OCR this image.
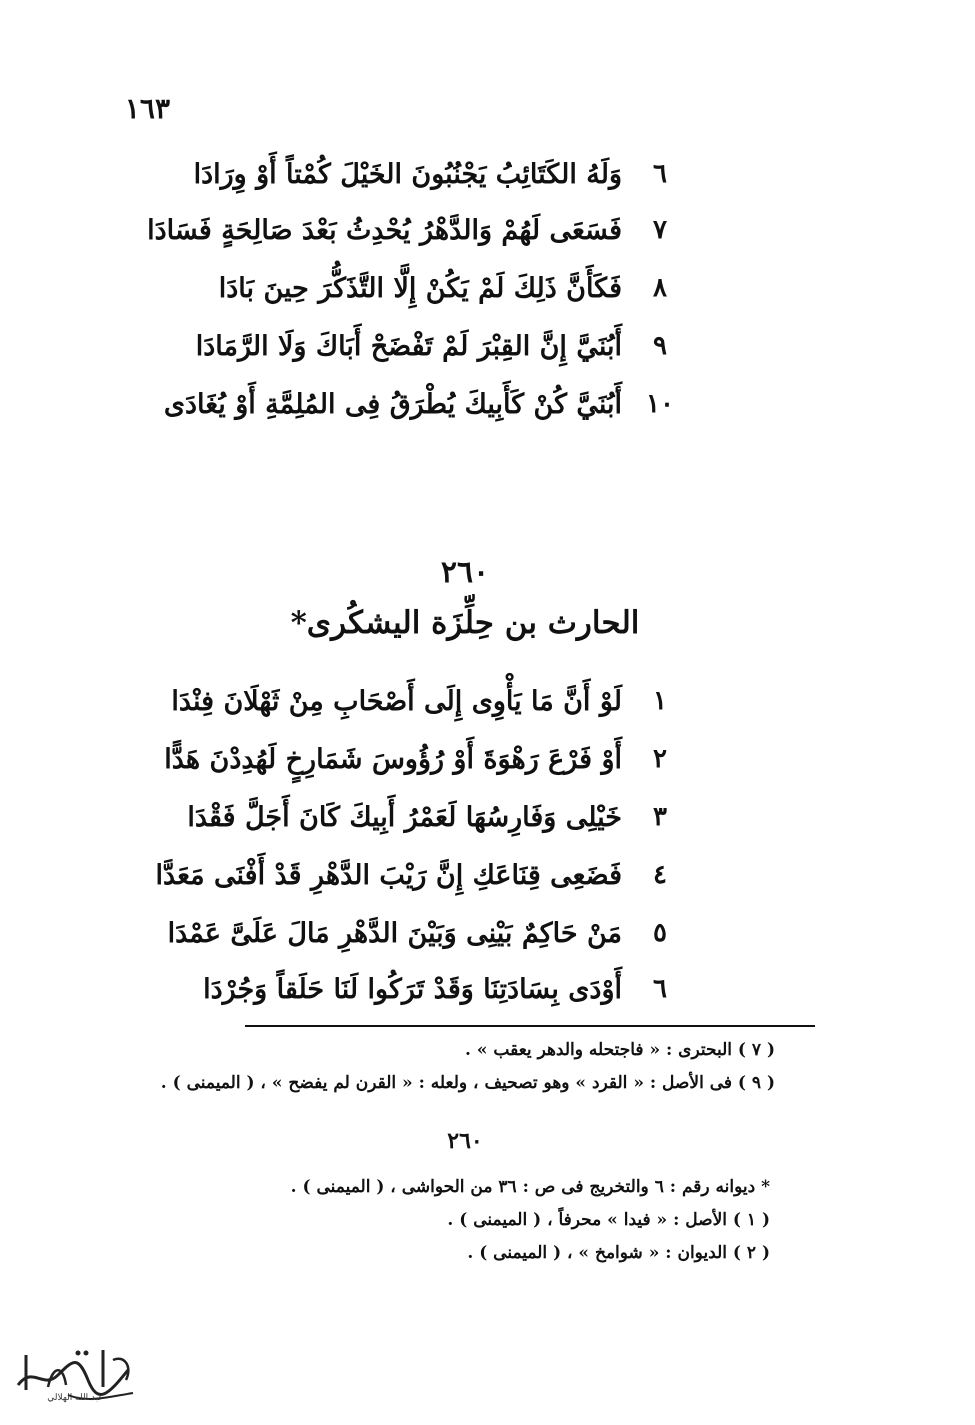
١٦٣
٦
وَلَهُ الكَتَائِبُ يَجْنُبُونَ الخَيْلَ كُمْتاً أَوْ وِرَادَا
٧
فَسَعَى لَهُمْ وَالدَّهْرُ يُحْدِثُ بَعْدَ صَالِحَةٍ فَسَادَا
٨
فَكَأَنَّ ذَلِكَ لَمْ يَكُنْ إِلَّا التَّذَكُّرَ حِينَ بَادَا
٩
أَبُنَيَّ إِنَّ القِبْرَ لَمْ تَفْضَحْ أَبَاكَ وَلَا الرَّمَادَا
١٠
أَبُنَيَّ كُنْ كَأَبِيكَ يُطْرَقُ فِى المُلِمَّةِ أَوْ يُغَادَى
٢٦٠
الحارث بن حِلِّزَة اليشكُرى*
١
لَوْ أَنَّ مَا يَأْوِى إِلَى أَصْحَابِ مِنْ ثَهْلَانَ فِنْدَا
٢
أَوْ فَرْعَ رَهْوَةَ أَوْ رُؤُوسَ شَمَارِخٍ لَهُدِدْنَ هَدًّا
٣
خَيْلِى وَفَارِسُهَا لَعَمْرُ أَبِيكَ كَانَ أَجَلَّ فَقْدَا
٤
فَضَعِى قِنَاعَكِ إِنَّ رَيْبَ الدَّهْرِ قَدْ أَفْنَى مَعَدَّا
٥
مَنْ حَاكِمٌ بَيْنِى وَبَيْنَ الدَّهْرِ مَالَ عَلَىَّ عَمْدَا
٦
أَوْدَى بِسَادَتِنَا وَقَدْ تَرَكُوا لَنَا حَلَقاً وَجُرْدَا
( ٧ ) البحترى : « فاجتحله والدهر يعقب » .
( ٩ ) فى الأصل : « القرد » وهو تصحيف ، ولعله : « القرن لم يفضح » ، ( الميمنى ) .
٢٦٠
* ديوانه رقم : ٦ والتخريج فى ص : ٣٦ من الحواشى ، ( الميمنى ) .
( ١ ) الأصل : « فيدا » محرفاً ، ( الميمنى ) .
( ٢ ) الديوان : « شوامخ » ، ( الميمنى ) .
عبد الله الهلالي
